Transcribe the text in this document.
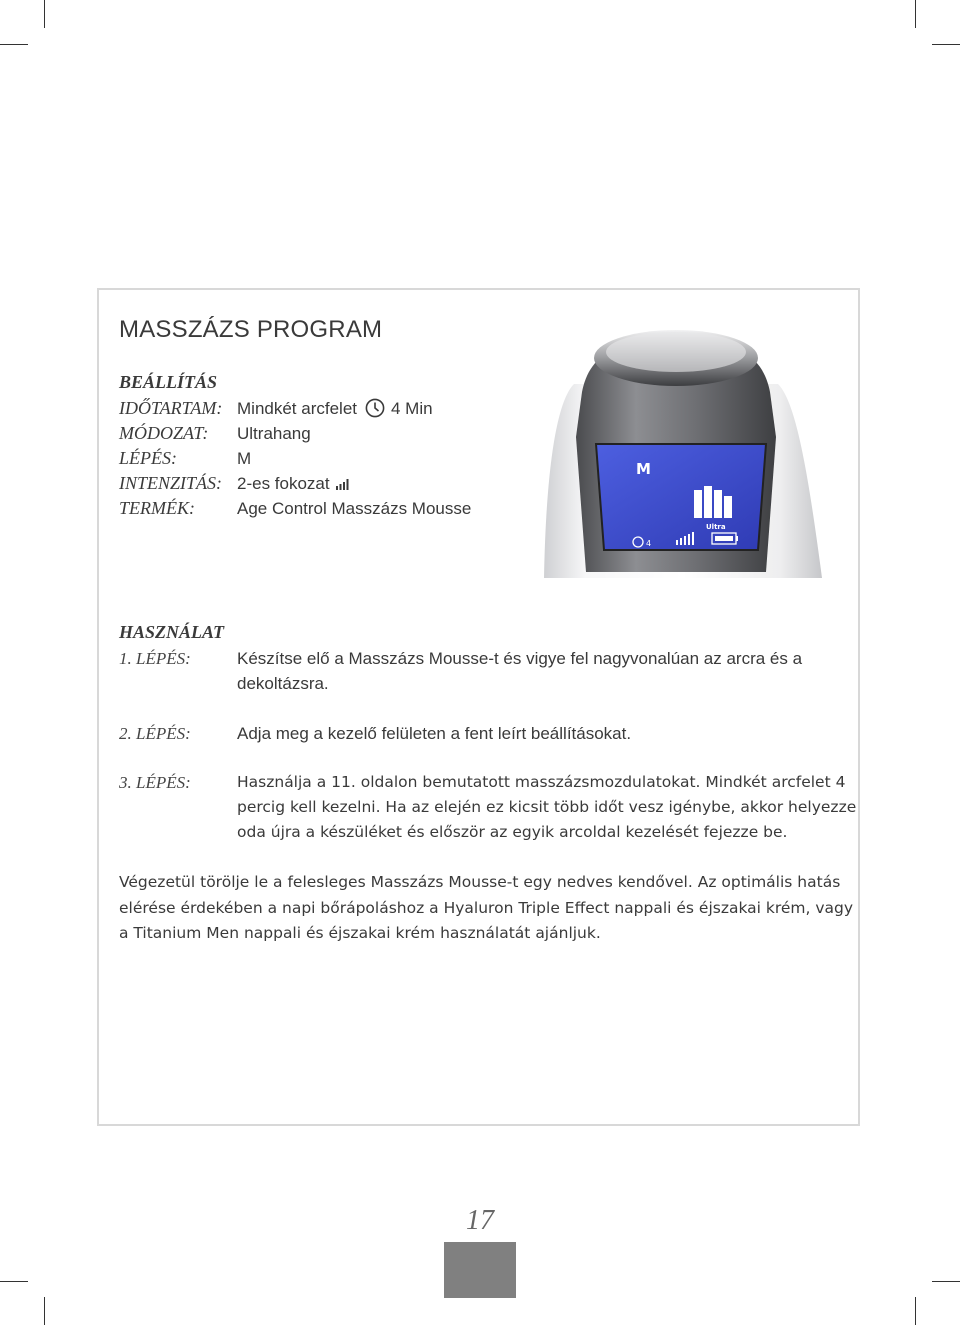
MASSZÁZS PROGRAM
BEÁLLÍTÁS
IDŐTARTAM: Mindkét arcfelet 4 Min
MÓDOZAT: Ultrahang
LÉPÉS:	M
INTENZITÁS: 2-es fokozat
TERMÉK: Age Control Masszázs Mousse
M
Ultra
4
HASZNÁLAT
1. LÉPÉS:	Készítse elő a Masszázs Mousse-t és vigye fel nagyvonalúan az arcra és a dekoltázsra.
2. LÉPÉS:	Adja meg a kezelő felületen a fent leírt beállításokat.
3. LÉPÉS:	Használja a 11. oldalon bemutatott masszázsmozdulatokat. Mindkét arcfelet 4 percig kell kezelni. Ha az elején ez kicsit több időt vesz igénybe, akkor helyezze oda újra a készüléket és először az egyik arcoldal kezelését fejezze be.
Végezetül törölje le a felesleges Masszázs Mousse-t egy nedves kendővel. Az optimális hatás elérése érdekében a napi bőrápoláshoz a Hyaluron Triple Effect nappali és éjszakai krém, vagy a Titanium Men nappali és éjszakai krém használatát ajánljuk.
17
